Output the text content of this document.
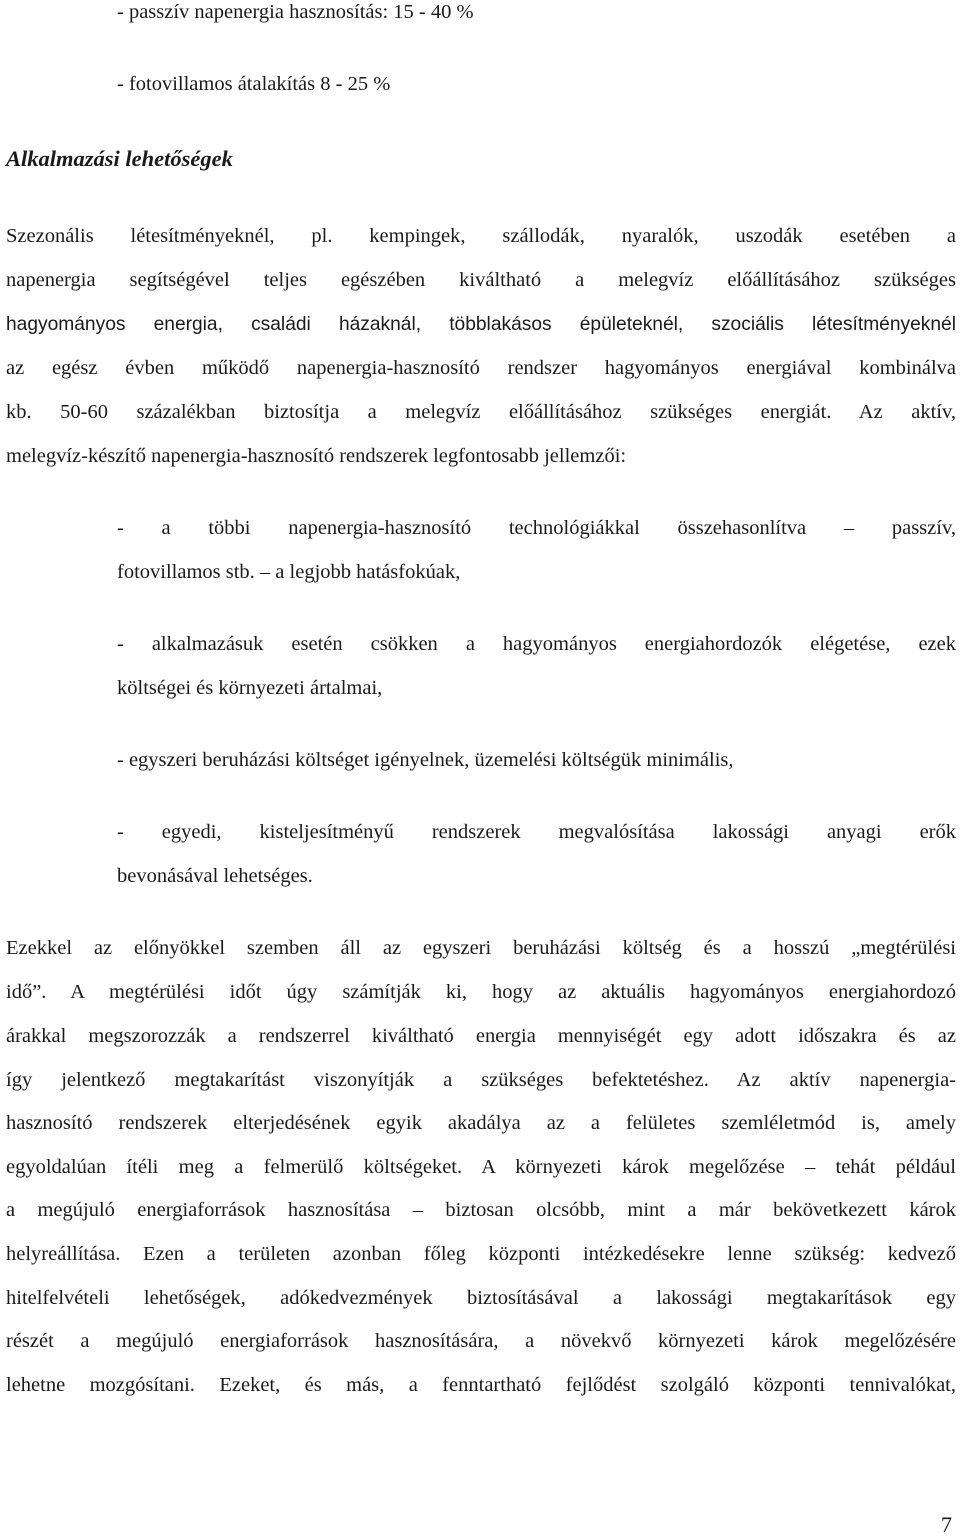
- passzív napenergia hasznosítás: 15 - 40 %
- fotovillamos átalakítás 8 - 25 %
Alkalmazási lehetőségek
Szezonális létesítményeknél, pl. kempingek, szállodák, nyaralók, uszodák esetében a
napenergia segítségével teljes egészében kiváltható a melegvíz előállításához szükséges
hagyományos energia, családi házaknál, többlakásos épületeknél, szociális létesítményeknél
az egész évben működő napenergia-hasznosító rendszer hagyományos energiával kombinálva
kb. 50-60 százalékban biztosítja a melegvíz előállításához szükséges energiát. Az aktív,
melegvíz-készítő napenergia-hasznosító rendszerek legfontosabb jellemzői:
- a többi napenergia-hasznosító technológiákkal összehasonlítva – passzív,
fotovillamos stb. – a legjobb hatásfokúak,
- alkalmazásuk esetén csökken a hagyományos energiahordozók elégetése, ezek
költségei és környezeti ártalmai,
- egyszeri beruházási költséget igényelnek, üzemelési költségük minimális,
- egyedi, kisteljesítményű rendszerek megvalósítása lakossági anyagi erők
bevonásával lehetséges.
Ezekkel az előnyökkel szemben áll az egyszeri beruházási költség és a hosszú „megtérülési
idő”. A megtérülési időt úgy számítják ki, hogy az aktuális hagyományos energiahordozó
árakkal megszorozzák a rendszerrel kiváltható energia mennyiségét egy adott időszakra és az
így jelentkező megtakarítást viszonyítják a szükséges befektetéshez. Az aktív napenergia-
hasznosító rendszerek elterjedésének egyik akadálya az a felületes szemléletmód is, amely
egyoldalúan ítéli meg a felmerülő költségeket. A környezeti károk megelőzése – tehát például
a megújuló energiaforrások hasznosítása – biztosan olcsóbb, mint a már bekövetkezett károk
helyreállítása. Ezen a területen azonban főleg központi intézkedésekre lenne szükség: kedvező
hitelfelvételi lehetőségek, adókedvezmények biztosításával a lakossági megtakarítások egy
részét a megújuló energiaforrások hasznosítására, a növekvő környezeti károk megelőzésére
lehetne mozgósítani. Ezeket, és más, a fenntartható fejlődést szolgáló központi tennivalókat,
7
